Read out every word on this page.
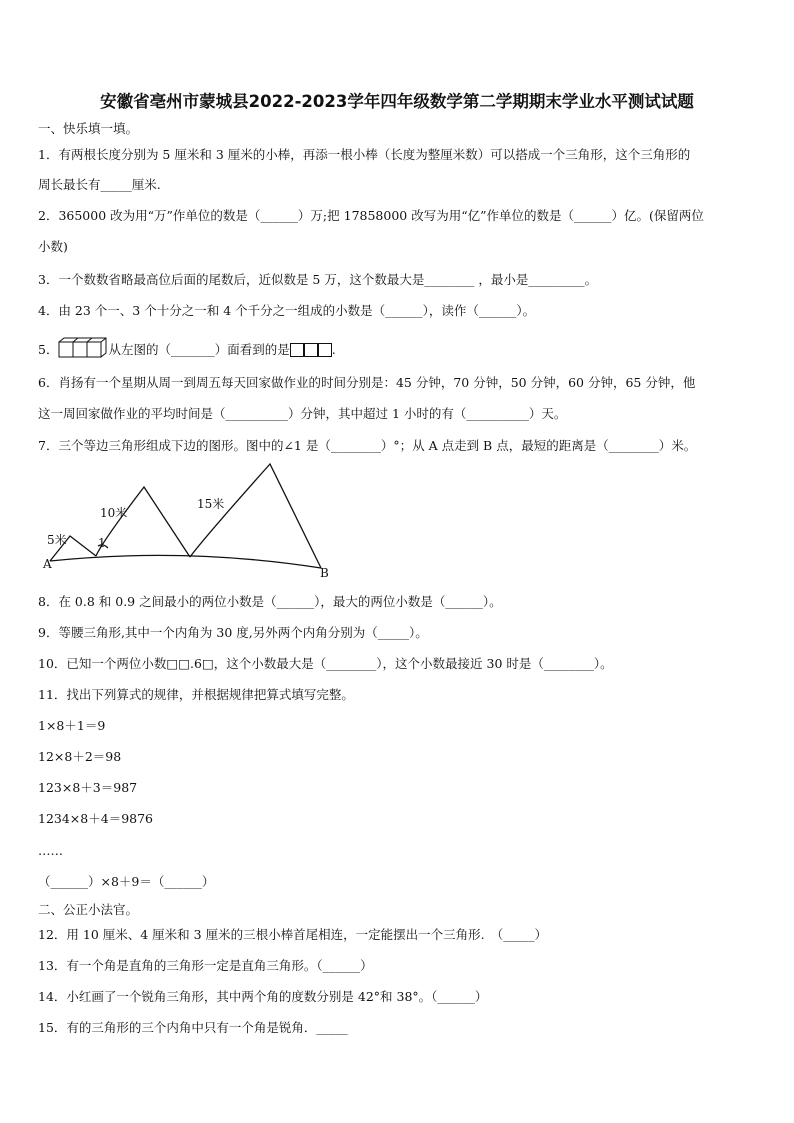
安徽省亳州市蒙城县2022-2023学年四年级数学第二学期期末学业水平测试试题
一、快乐填一填。
1．有两根长度分别为 5 厘米和 3 厘米的小棒，再添一根小棒（长度为整厘米数）可以搭成一个三角形，这个三角形的
周长最长有_____厘米.
2．365000 改为用“万”作单位的数是（______）万;把 17858000 改写为用“亿”作单位的数是（______）亿。(保留两位
小数)
3．一个数数省略最高位后面的尾数后，近似数是 5 万，这个数最大是________ ，最小是_________。
4．由 23 个一、3 个十分之一和 4 个千分之一组成的小数是（______），读作（______）。
5．	从左图的（_______）面看到的是	.
6．肖扬有一个星期从周一到周五每天回家做作业的时间分别是：45 分钟，70 分钟，50 分钟，60 分钟，65 分钟，他
这一周回家做作业的平均时间是（__________）分钟，其中超过 1 小时的有（__________）天。
7．三个等边三角形组成下边的图形。图中的∠1 是（________）°；从 A 点走到 B 点，最短的距离是（________）米。
5米
10米
15米
1
A
B
8．在 0.8 和 0.9 之间最小的两位小数是（______），最大的两位小数是（______）。
9．等腰三角形,其中一个内角为 30 度,另外两个内角分别为（_____）。
10．已知一个两位小数□□.6□，这个小数最大是（________），这个小数最接近 30 时是（________）。
11．找出下列算式的规律，并根据规律把算式填写完整。
1×8＋1＝9
12×8＋2＝98
123×8＋3＝987
1234×8＋4＝9876
……
（______）×8＋9＝（______）
二、公正小法官。
12．用 10 厘米、4 厘米和 3 厘米的三根小棒首尾相连，一定能摆出一个三角形.　（_____）
13．有一个角是直角的三角形一定是直角三角形。（______）
14．小红画了一个锐角三角形，其中两个角的度数分别是 42°和 38°。（______）
15．有的三角形的三个内角中只有一个角是锐角．_____
